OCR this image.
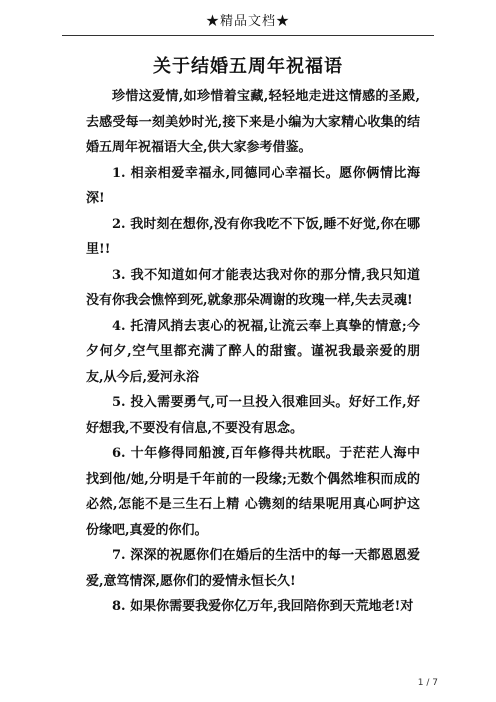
★精品文档★
关于结婚五周年祝福语

珍惜这爱情,如珍惜着宝藏,轻轻地走进这情感的圣殿,去感受每一刻美妙时光,接下来是小编为大家精心收集的结婚五周年祝福语大全,供大家参考借鉴。

1. 相亲相爱幸福永,同德同心幸福长。愿你俩情比海深!

2. 我时刻在想你,没有你我吃不下饭,睡不好觉,你在哪里!!

3. 我不知道如何才能表达我对你的那分情,我只知道没有你我会憔悴到死,就象那朵凋谢的玫瑰一样,失去灵魂!

4. 托清风捎去衷心的祝福,让流云奉上真挚的情意;今夕何夕,空气里都充满了醉人的甜蜜。谨祝我最亲爱的朋友,从今后,爱河永浴

5. 投入需要勇气,可一旦投入很难回头。好好工作,好好想我,不要没有信息,不要没有思念。

6. 十年修得同船渡,百年修得共枕眠。于茫茫人海中找到他/她,分明是千年前的一段缘;无数个偶然堆积而成的必然,怎能不是三生石上精 心镌刻的结果呢用真心呵护这份缘吧,真爱的你们。

7. 深深的祝愿你们在婚后的生活中的每一天都恩恩爱爱,意笃情深,愿你们的爱情永恒长久!

8. 如果你需要我爱你亿万年,我回陪你到天荒地老!对

1 / 7
